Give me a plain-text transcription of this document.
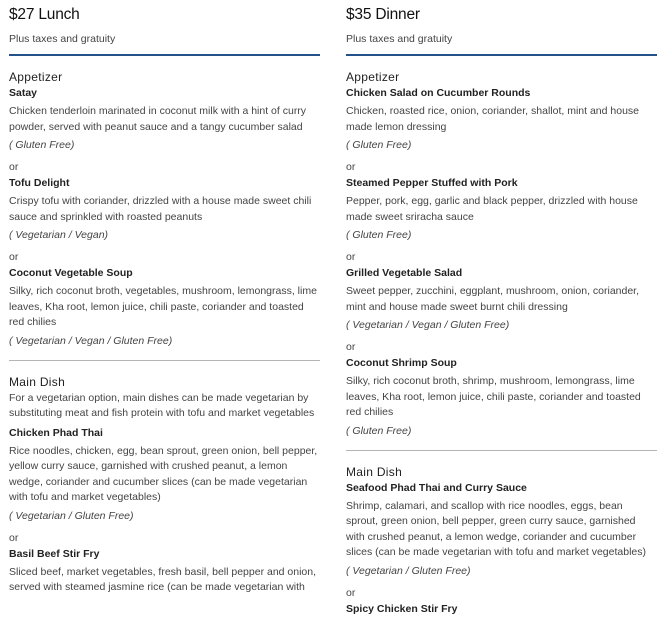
$27 Lunch
Plus taxes and gratuity
Appetizer
Satay
Chicken tenderloin marinated in coconut milk with a hint of curry powder, served with peanut sauce and a tangy cucumber salad
( Gluten Free)
or
Tofu Delight
Crispy tofu with coriander, drizzled with a house made sweet chili sauce and sprinkled with roasted peanuts
( Vegetarian / Vegan)
or
Coconut Vegetable Soup
Silky, rich coconut broth, vegetables, mushroom, lemongrass, lime leaves, Kha root, lemon juice, chili paste, coriander and toasted red chilies
( Vegetarian / Vegan / Gluten Free)
Main Dish
For a vegetarian option, main dishes can be made vegetarian by substituting meat and fish protein with tofu and market vegetables
Chicken Phad Thai
Rice noodles, chicken, egg, bean sprout, green onion, bell pepper, yellow curry sauce, garnished with crushed peanut, a lemon wedge, coriander and cucumber slices (can be made vegetarian with tofu and market vegetables)
( Vegetarian / Gluten Free)
or
Basil Beef Stir Fry
Sliced beef, market vegetables, fresh basil, bell pepper and onion, served with steamed jasmine rice (can be made vegetarian with
$35 Dinner
Plus taxes and gratuity
Appetizer
Chicken Salad on Cucumber Rounds
Chicken, roasted rice, onion, coriander, shallot, mint and house made lemon dressing
( Gluten Free)
or
Steamed Pepper Stuffed with Pork
Pepper, pork, egg, garlic and black pepper, drizzled with house made sweet sriracha sauce
( Gluten Free)
or
Grilled Vegetable Salad
Sweet pepper, zucchini, eggplant, mushroom, onion, coriander, mint and house made sweet burnt chili dressing
( Vegetarian / Vegan / Gluten Free)
or
Coconut Shrimp Soup
Silky, rich coconut broth, shrimp, mushroom, lemongrass, lime leaves, Kha root, lemon juice, chili paste, coriander and toasted red chilies
( Gluten Free)
Main Dish
Seafood Phad Thai and Curry Sauce
Shrimp, calamari, and scallop with rice noodles, eggs, bean sprout, green onion, bell pepper, green curry sauce, garnished with crushed peanut, a lemon wedge, coriander and cucumber slices (can be made vegetarian with tofu and market vegetables)
( Vegetarian / Gluten Free)
or
Spicy Chicken Stir Fry
